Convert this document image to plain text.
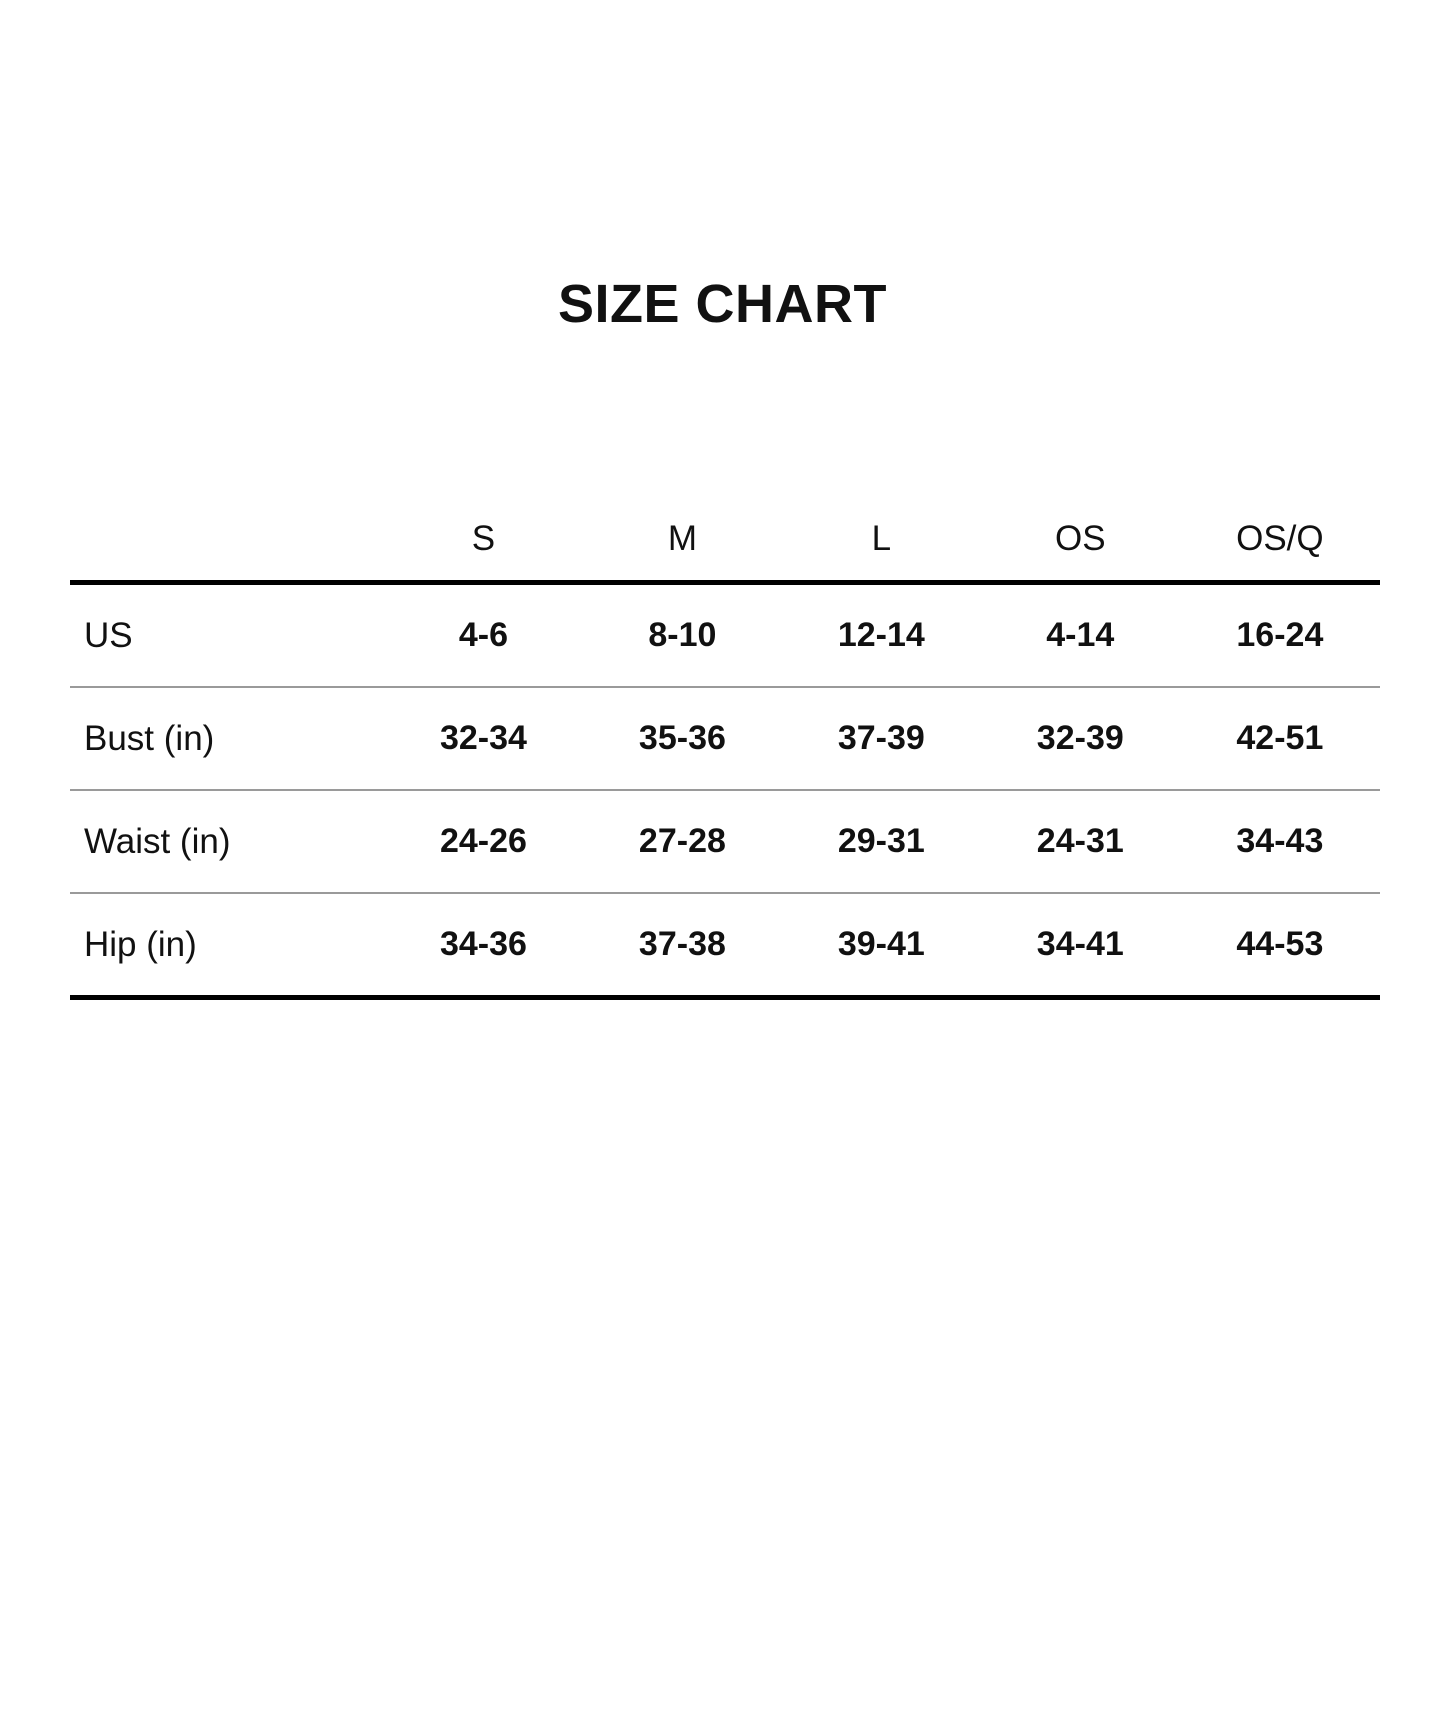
SIZE CHART
	S	M	L	OS	OS/Q
US	4-6	8-10	12-14	4-14	16-24
Bust (in)	32-34	35-36	37-39	32-39	42-51
Waist (in)	24-26	27-28	29-31	24-31	34-43
Hip (in)	34-36	37-38	39-41	34-41	44-53
